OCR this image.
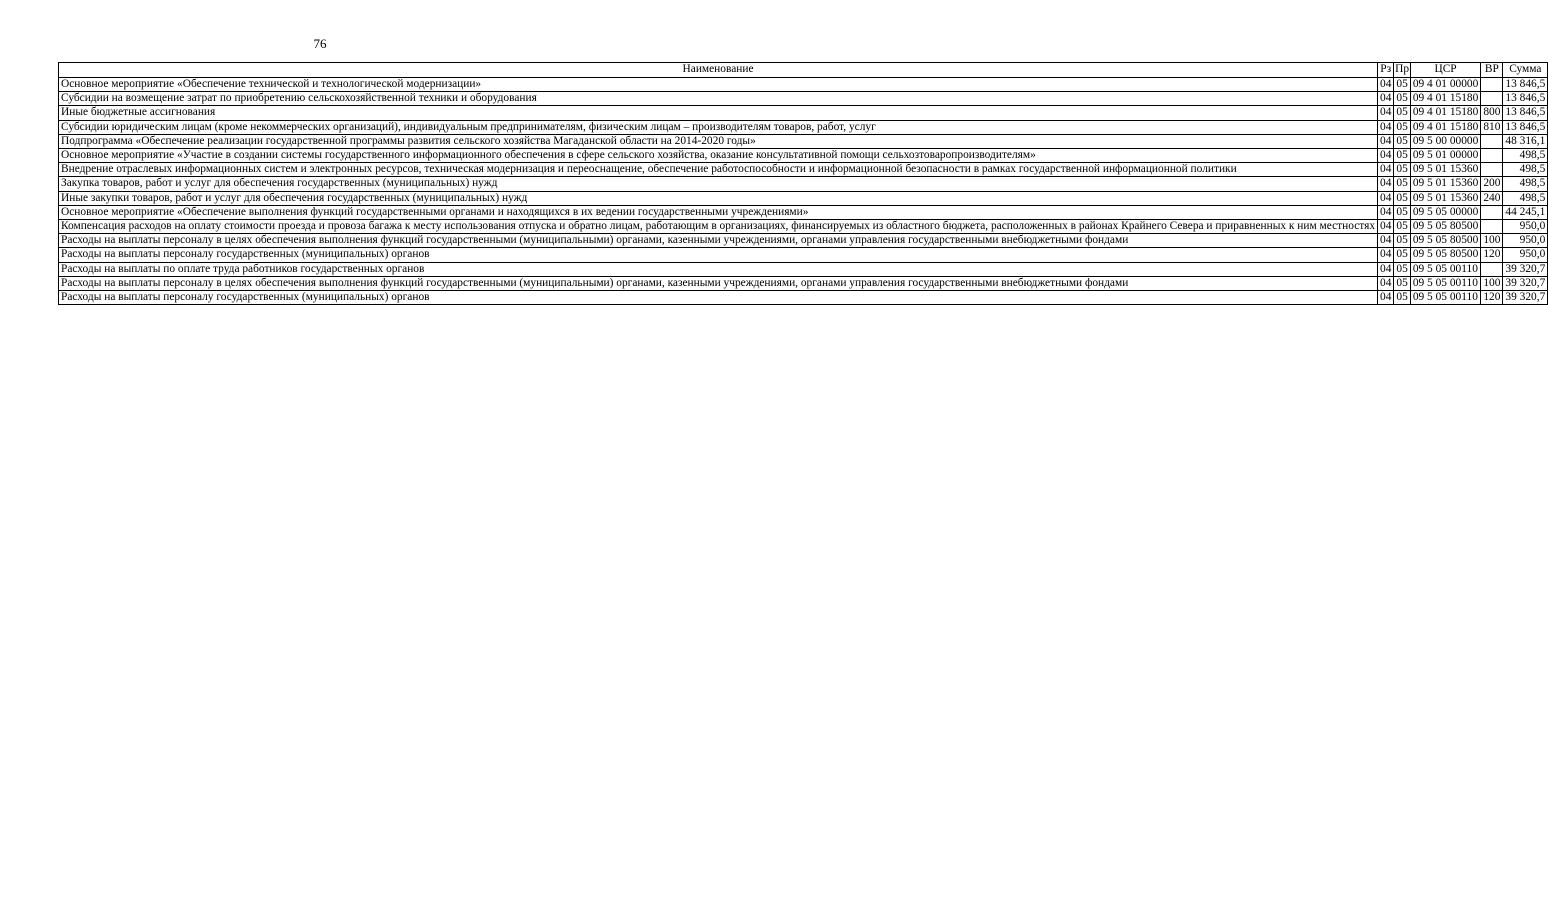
76
Наименование	Рз	Пр	ЦСР	ВР	Сумма
Основное мероприятие «Обеспечение технической и технологической модернизации»	04	05	09 4 01 00000		13 846,5
Субсидии на возмещение затрат по приобретению сельскохозяйственной техники и оборудования	04	05	09 4 01 15180		13 846,5
Иные бюджетные ассигнования	04	05	09 4 01 15180	800	13 846,5
Субсидии юридическим лицам (кроме некоммерческих организаций), индивидуальным предпринимателям, физическим лицам – производителям товаров, работ, услуг	04	05	09 4 01 15180	810	13 846,5
Подпрограмма «Обеспечение реализации государственной программы развития сельского хозяйства Магаданской области на 2014-2020 годы»	04	05	09 5 00 00000		48 316,1
Основное мероприятие «Участие в создании системы государственного информационного обеспечения в сфере сельского хозяйства, оказание консультативной помощи сельхозтоваропроизводителям»	04	05	09 5 01 00000		498,5
Внедрение отраслевых информационных систем и электронных ресурсов, техническая модернизация и переоснащение, обеспечение работоспособности и информационной безопасности в рамках государственной информационной политики	04	05	09 5 01 15360		498,5
Закупка товаров, работ и услуг для обеспечения государственных (муниципальных) нужд	04	05	09 5 01 15360	200	498,5
Иные закупки товаров, работ и услуг для обеспечения государственных (муниципальных) нужд	04	05	09 5 01 15360	240	498,5
Основное мероприятие «Обеспечение выполнения функций государственными органами и находящихся в их ведении государственными учреждениями»	04	05	09 5 05 00000		44 245,1
Компенсация расходов на оплату стоимости проезда и провоза багажа к месту использования отпуска и обратно лицам, работающим в организациях, финансируемых из областного бюджета, расположенных в районах Крайнего Севера и приравненных к ним местностях	04	05	09 5 05 80500		950,0
Расходы на выплаты персоналу в целях обеспечения выполнения функций государственными (муниципальными) органами, казенными учреждениями, органами управления государственными внебюджетными фондами	04	05	09 5 05 80500	100	950,0
Расходы на выплаты персоналу государственных (муниципальных) органов	04	05	09 5 05 80500	120	950,0
Расходы на выплаты по оплате труда работников государственных органов	04	05	09 5 05 00110		39 320,7
Расходы на выплаты персоналу в целях обеспечения выполнения функций государственными (муниципальными) органами, казенными учреждениями, органами управления государственными внебюджетными фондами	04	05	09 5 05 00110	100	39 320,7
Расходы на выплаты персоналу государственных (муниципальных) органов	04	05	09 5 05 00110	120	39 320,7
